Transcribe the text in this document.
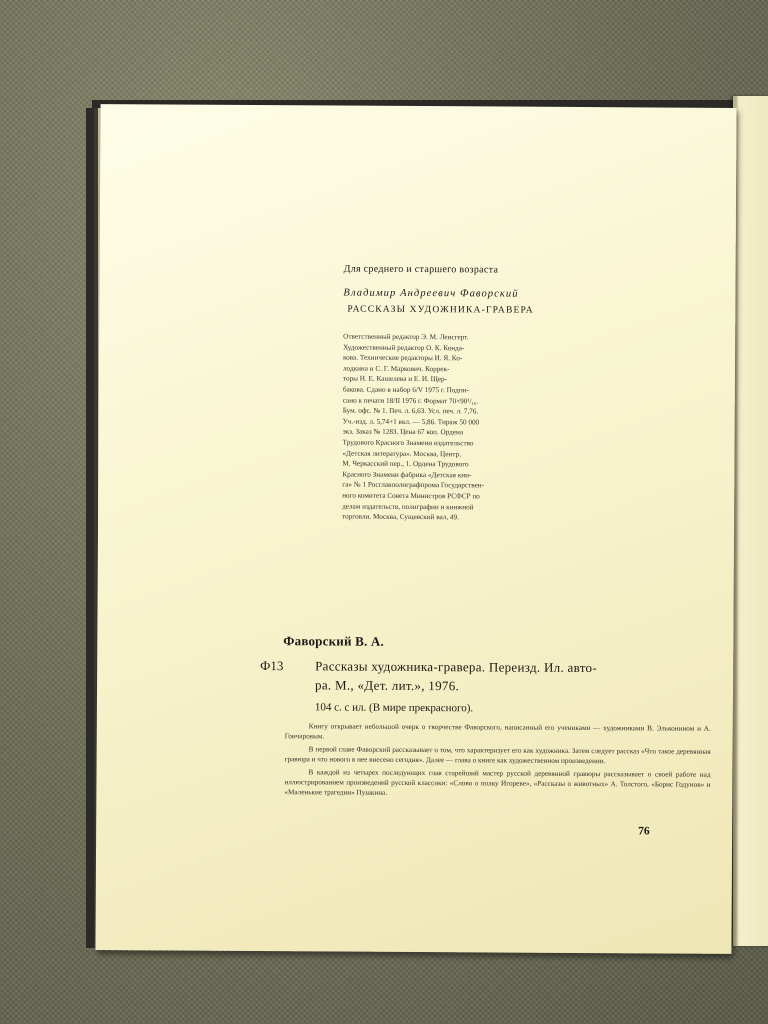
Для среднего и старшего возраста
Владимир Андреевич Фаворский
РАССКАЗЫ ХУДОЖНИКА-ГРАВЕРА
Ответственный редактор Э. М. Ленсгерт.
Художественный редактор О. К. Конда-
кова. Технические редакторы И. Я. Ко-
лодкина и С. Г. Маркович. Коррек-
торы Н. Е. Кашелева и Е. И. Щер-
бакова. Сдано в набор 6/V 1975 г. Подпи-
сано к печати 18/II 1976 г. Формат 70×90¹/₁₆.
Бум. офс. № 1. Печ. л. 6,63. Усл. печ. л. 7,76.
Уч.-изд. л. 5,74+1 вкл. — 5,86. Тираж 50 000
экз. Заказ № 1283. Цена 67 коп. Ордена
Трудового Красного Знамени издательство
«Детская литература». Москва, Центр,
М. Черкасский пер., 1. Ордена Трудового
Красного Знамени фабрика «Детская кни-
га» № 1 Росглавполиграфпрома Государствен-
ного комитета Совета Министров РСФСР по
делам издательств, полиграфии и книжной
торговли. Москва, Сущевский вал, 49.
Фаворский В. А.
Ф13 Рассказы художника-гравера. Переизд. Ил. авто-
ра. М., «Дет. лит.», 1976.
104 с. с ил. (В мире прекрасного).

Книгу открывает небольшой очерк о творчестве Фаворского, написанный его учениками — художниками В. Эльконином и А. Гончаровым.

В первой главе Фаворский рассказывает о том, что характеризует его как художника. Затем следует рассказ «Что такое деревянная гравюра и что нового в нее внесено сегодня». Далее — глава о книге как художественном произведении.

В каждой из четырех последующих глав старейший мастер русской деревянной гравюры рассказывает о своей работе над иллюстрированием произведений русской классики: «Слово о полку Игореве», «Рассказы о животных» А. Толстого, «Борис Годунов» и «Маленькие трагедии» Пушкина.

76
